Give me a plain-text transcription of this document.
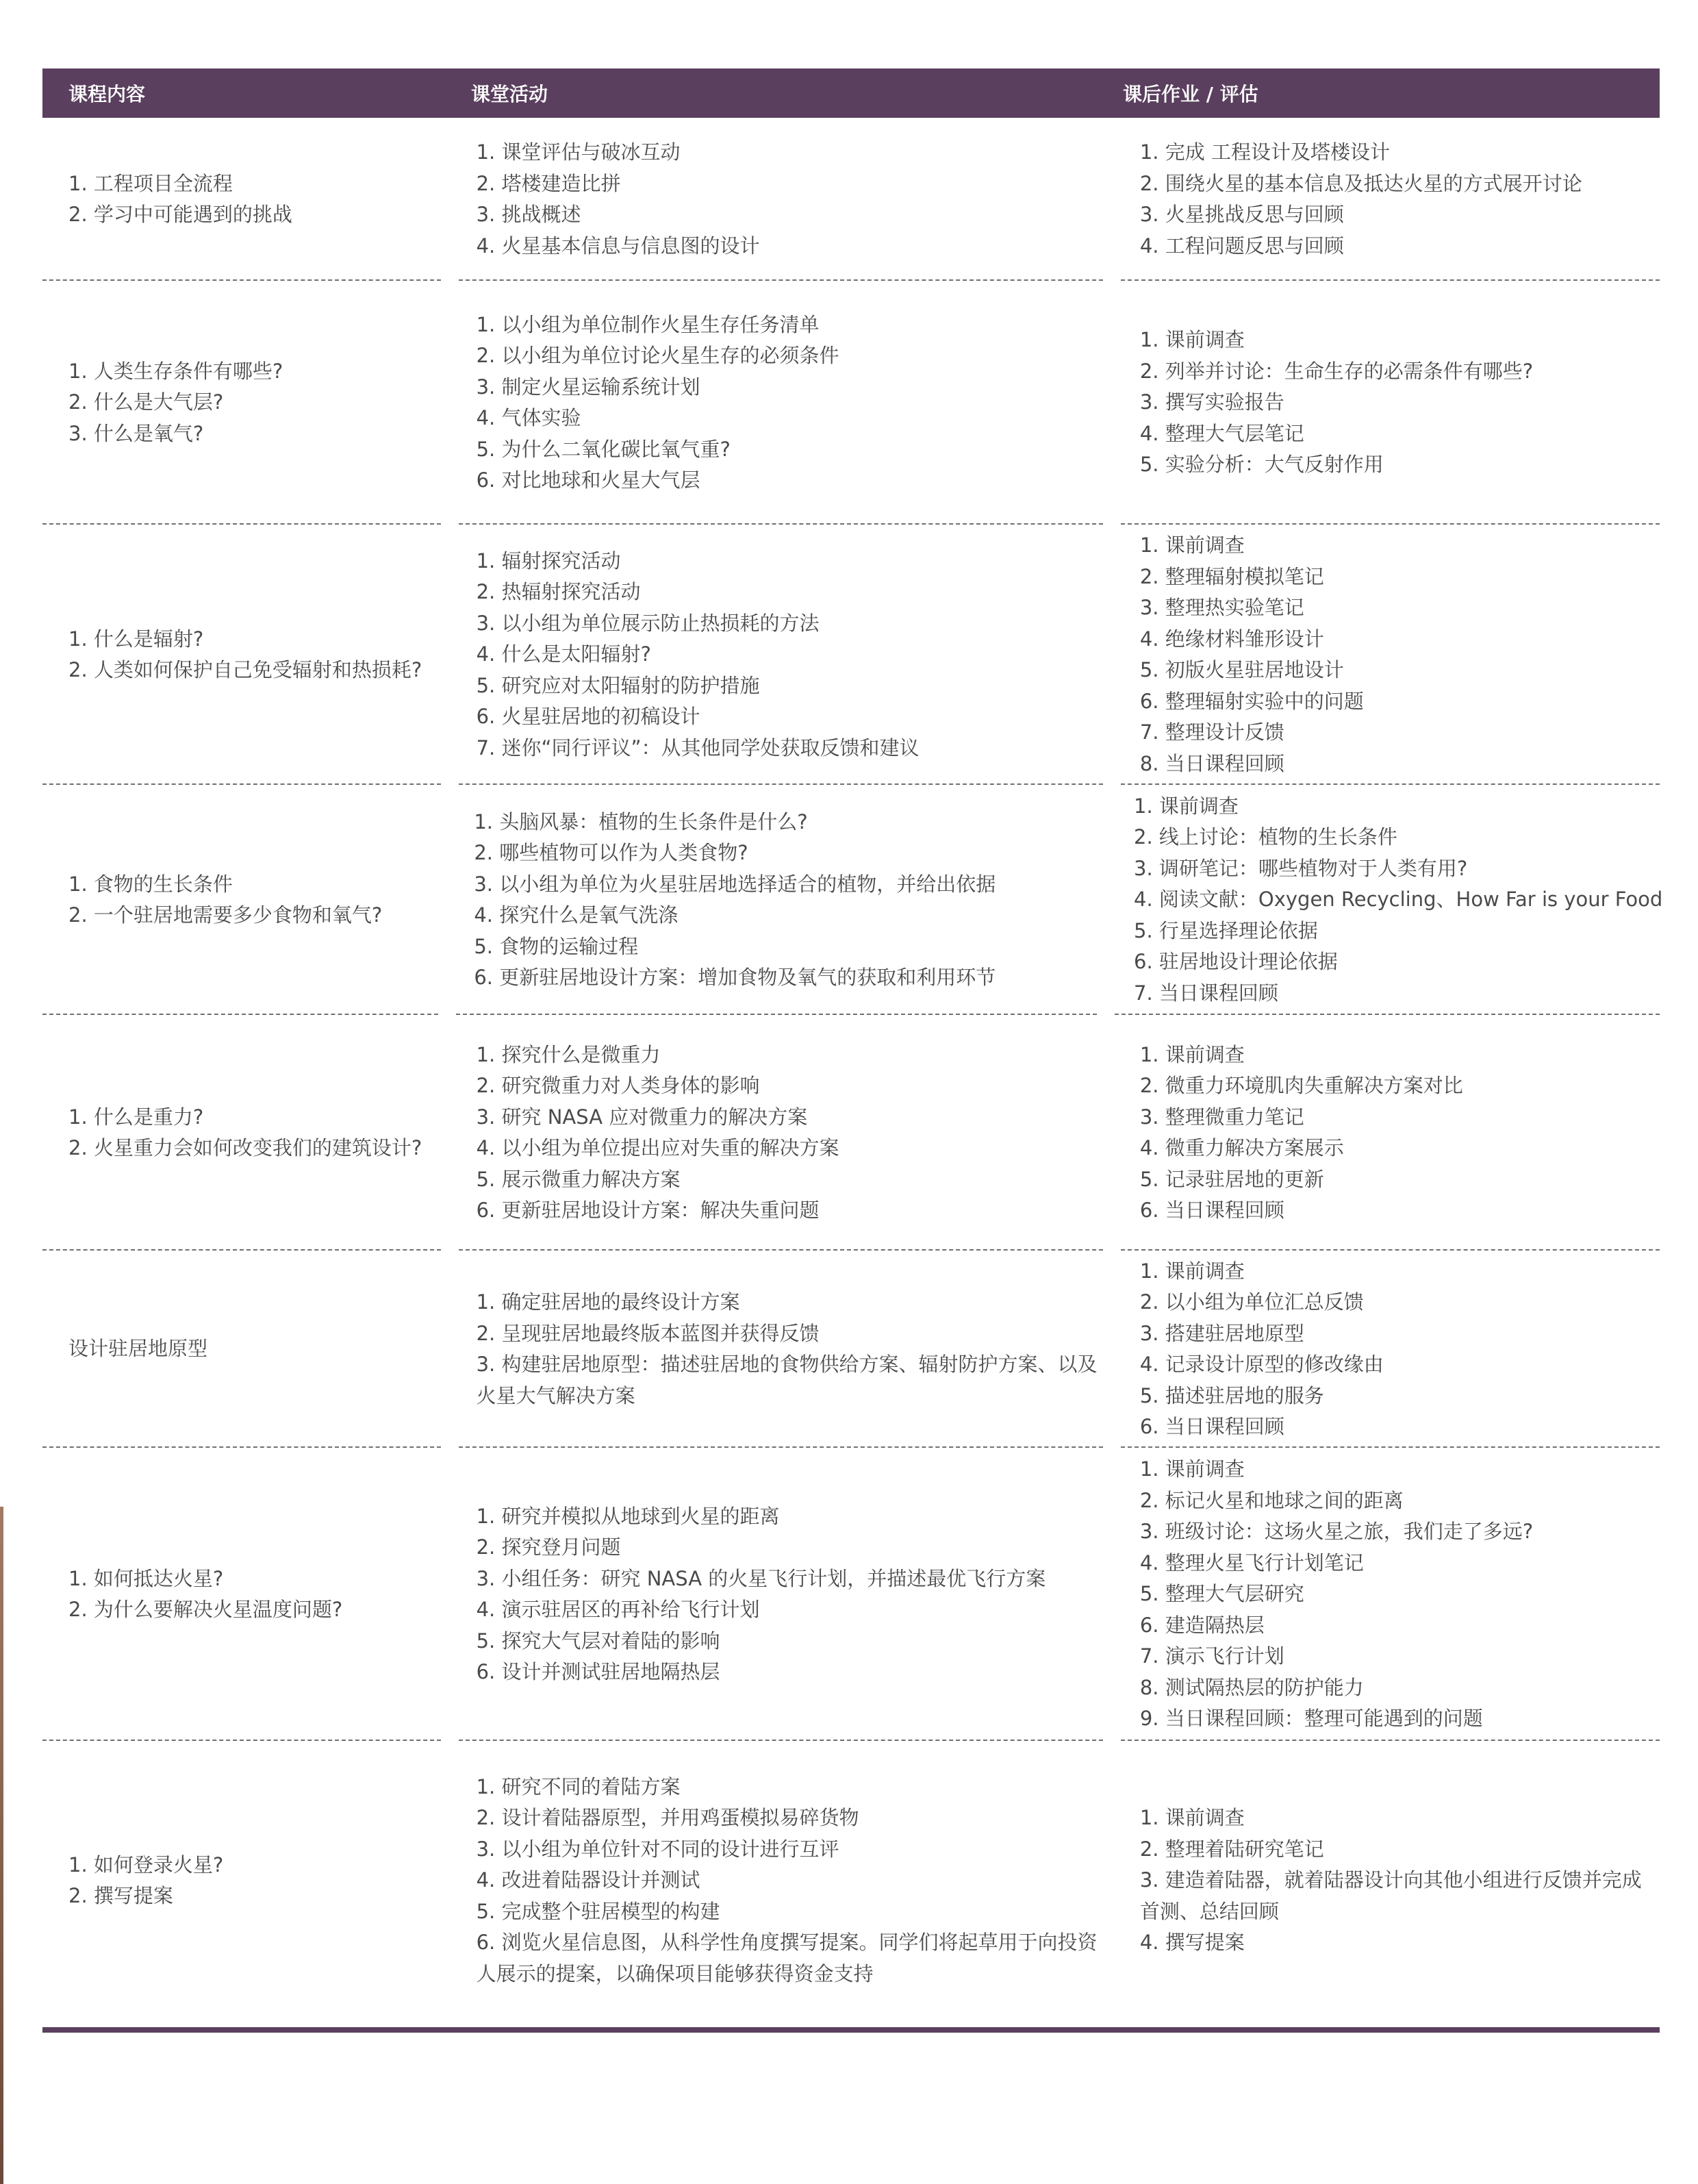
课程内容	课堂活动	课后作业 / 评估
1. 工程项目全流程
2. 学习中可能遇到的挑战
1. 课堂评估与破冰互动
2. 塔楼建造比拼
3. 挑战概述
4. 火星基本信息与信息图的设计
1. 完成 工程设计及塔楼设计
2. 围绕火星的基本信息及抵达火星的方式展开讨论
3. 火星挑战反思与回顾
4. 工程问题反思与回顾
1. 人类生存条件有哪些?
2. 什么是大气层?
3. 什么是氧气?
1. 以小组为单位制作火星生存任务清单
2. 以小组为单位讨论火星生存的必须条件
3. 制定火星运输系统计划
4. 气体实验
5. 为什么二氧化碳比氧气重?
6. 对比地球和火星大气层
1. 课前调查
2. 列举并讨论：生命生存的必需条件有哪些?
3. 撰写实验报告
4. 整理大气层笔记
5. 实验分析：大气反射作用
1. 什么是辐射?
2. 人类如何保护自己免受辐射和热损耗?
1. 辐射探究活动
2. 热辐射探究活动
3. 以小组为单位展示防止热损耗的方法
4. 什么是太阳辐射?
5. 研究应对太阳辐射的防护措施
6. 火星驻居地的初稿设计
7. 迷你“同行评议”：从其他同学处获取反馈和建议
1. 课前调查
2. 整理辐射模拟笔记
3. 整理热实验笔记
4. 绝缘材料雏形设计
5. 初版火星驻居地设计
6. 整理辐射实验中的问题
7. 整理设计反馈
8. 当日课程回顾
1. 食物的生长条件
2. 一个驻居地需要多少食物和氧气?
1. 头脑风暴：植物的生长条件是什么?
2. 哪些植物可以作为人类食物?
3. 以小组为单位为火星驻居地选择适合的植物，并给出依据
4. 探究什么是氧气洗涤
5. 食物的运输过程
6. 更新驻居地设计方案：增加食物及氧气的获取和利用环节
1. 课前调查
2. 线上讨论：植物的生长条件
3. 调研笔记：哪些植物对于人类有用?
4. 阅读文献：Oxygen Recycling、How Far is your Food
5. 行星选择理论依据
6. 驻居地设计理论依据
7. 当日课程回顾
1. 什么是重力?
2. 火星重力会如何改变我们的建筑设计?
1. 探究什么是微重力
2. 研究微重力对人类身体的影响
3. 研究 NASA 应对微重力的解决方案
4. 以小组为单位提出应对失重的解决方案
5. 展示微重力解决方案
6. 更新驻居地设计方案：解决失重问题
1. 课前调查
2. 微重力环境肌肉失重解决方案对比
3. 整理微重力笔记
4. 微重力解决方案展示
5. 记录驻居地的更新
6. 当日课程回顾
设计驻居地原型
1. 确定驻居地的最终设计方案
2. 呈现驻居地最终版本蓝图并获得反馈
3. 构建驻居地原型：描述驻居地的食物供给方案、辐射防护方案、以及火星大气解决方案
1. 课前调查
2. 以小组为单位汇总反馈
3. 搭建驻居地原型
4. 记录设计原型的修改缘由
5. 描述驻居地的服务
6. 当日课程回顾
1. 如何抵达火星?
2. 为什么要解决火星温度问题?
1. 研究并模拟从地球到火星的距离
2. 探究登月问题
3. 小组任务：研究 NASA 的火星飞行计划，并描述最优飞行方案
4. 演示驻居区的再补给飞行计划
5. 探究大气层对着陆的影响
6. 设计并测试驻居地隔热层
1. 课前调查
2. 标记火星和地球之间的距离
3. 班级讨论：这场火星之旅，我们走了多远?
4. 整理火星飞行计划笔记
5. 整理大气层研究
6. 建造隔热层
7. 演示飞行计划
8. 测试隔热层的防护能力
9. 当日课程回顾：整理可能遇到的问题
1. 如何登录火星?
2. 撰写提案
1. 研究不同的着陆方案
2. 设计着陆器原型，并用鸡蛋模拟易碎货物
3. 以小组为单位针对不同的设计进行互评
4. 改进着陆器设计并测试
5. 完成整个驻居模型的构建
6. 浏览火星信息图，从科学性角度撰写提案。同学们将起草用于向投资人展示的提案，以确保项目能够获得资金支持
1. 课前调查
2. 整理着陆研究笔记
3. 建造着陆器，就着陆器设计向其他小组进行反馈并完成首测、总结回顾
4. 撰写提案
